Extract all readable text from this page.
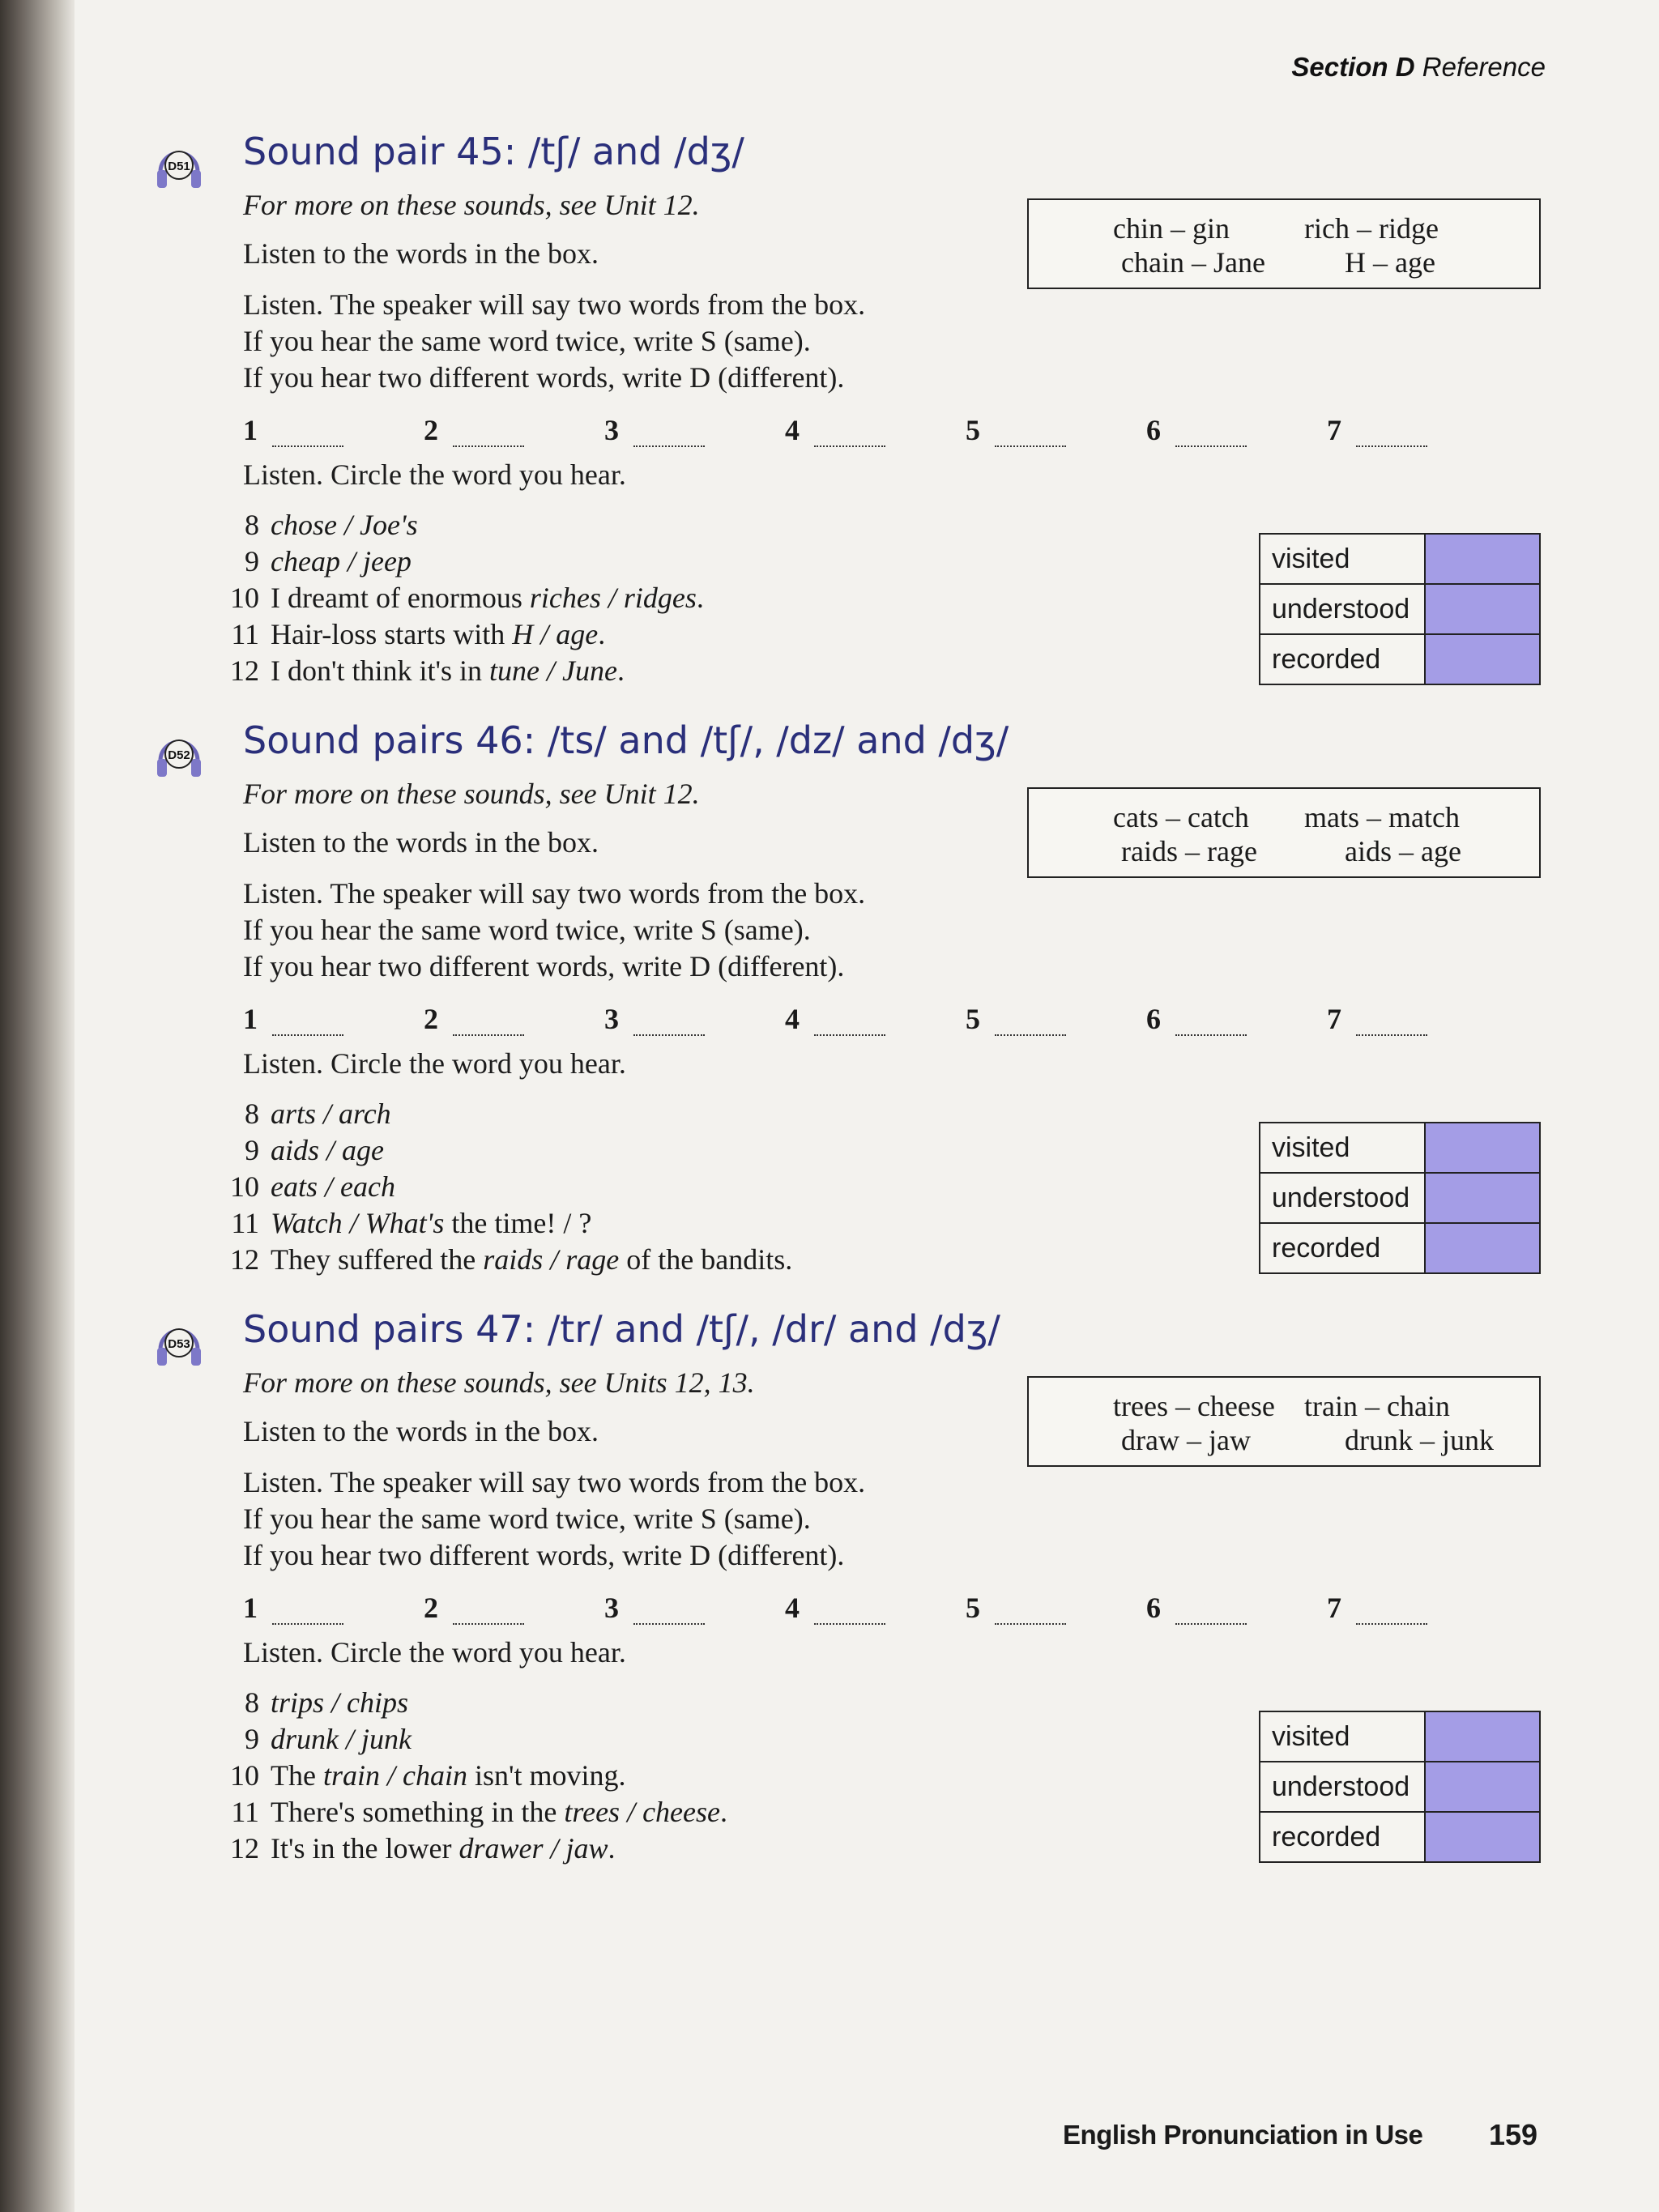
Section D Reference
D51 Sound pair 45: /tʃ/ and /dʒ/
For more on these sounds, see Unit 12.
Listen to the words in the box.
chin – gin	rich – ridge
chain – Jane	H – age
Listen. The speaker will say two words from the box.
If you hear the same word twice, write S (same).
If you hear two different words, write D (different).
1	2	3	4	5	6	7
Listen. Circle the word you hear.
8 chose / Joe's
9 cheap / jeep
10 I dreamt of enormous riches / ridges.
11 Hair-loss starts with H / age.
12 I don't think it's in tune / June.
visited
understood
recorded
D52 Sound pairs 46: /ts/ and /tʃ/, /dz/ and /dʒ/
For more on these sounds, see Unit 12.
Listen to the words in the box.
cats – catch mats – match
raids – rage	aids – age
Listen. The speaker will say two words from the box.
If you hear the same word twice, write S (same).
If you hear two different words, write D (different).
1	2	3	4	5	6	7
Listen. Circle the word you hear.
8 arts / arch
9 aids / age
10 eats / each
11 Watch / What's the time! / ?
12 They suffered the raids / rage of the bandits.
visited
understood
recorded
D53 Sound pairs 47: /tr/ and /tʃ/, /dr/ and /dʒ/
For more on these sounds, see Units 12, 13.
Listen to the words in the box.
trees – cheese train – chain
draw – jaw	drunk – junk
Listen. The speaker will say two words from the box.
If you hear the same word twice, write S (same).
If you hear two different words, write D (different).
1	2	3	4	5	6	7
Listen. Circle the word you hear.
8 trips / chips
9 drunk / junk
10 The train / chain isn't moving.
11 There's something in the trees / cheese.
12 It's in the lower drawer / jaw.
visited
understood
recorded
English Pronunciation in Use 159
